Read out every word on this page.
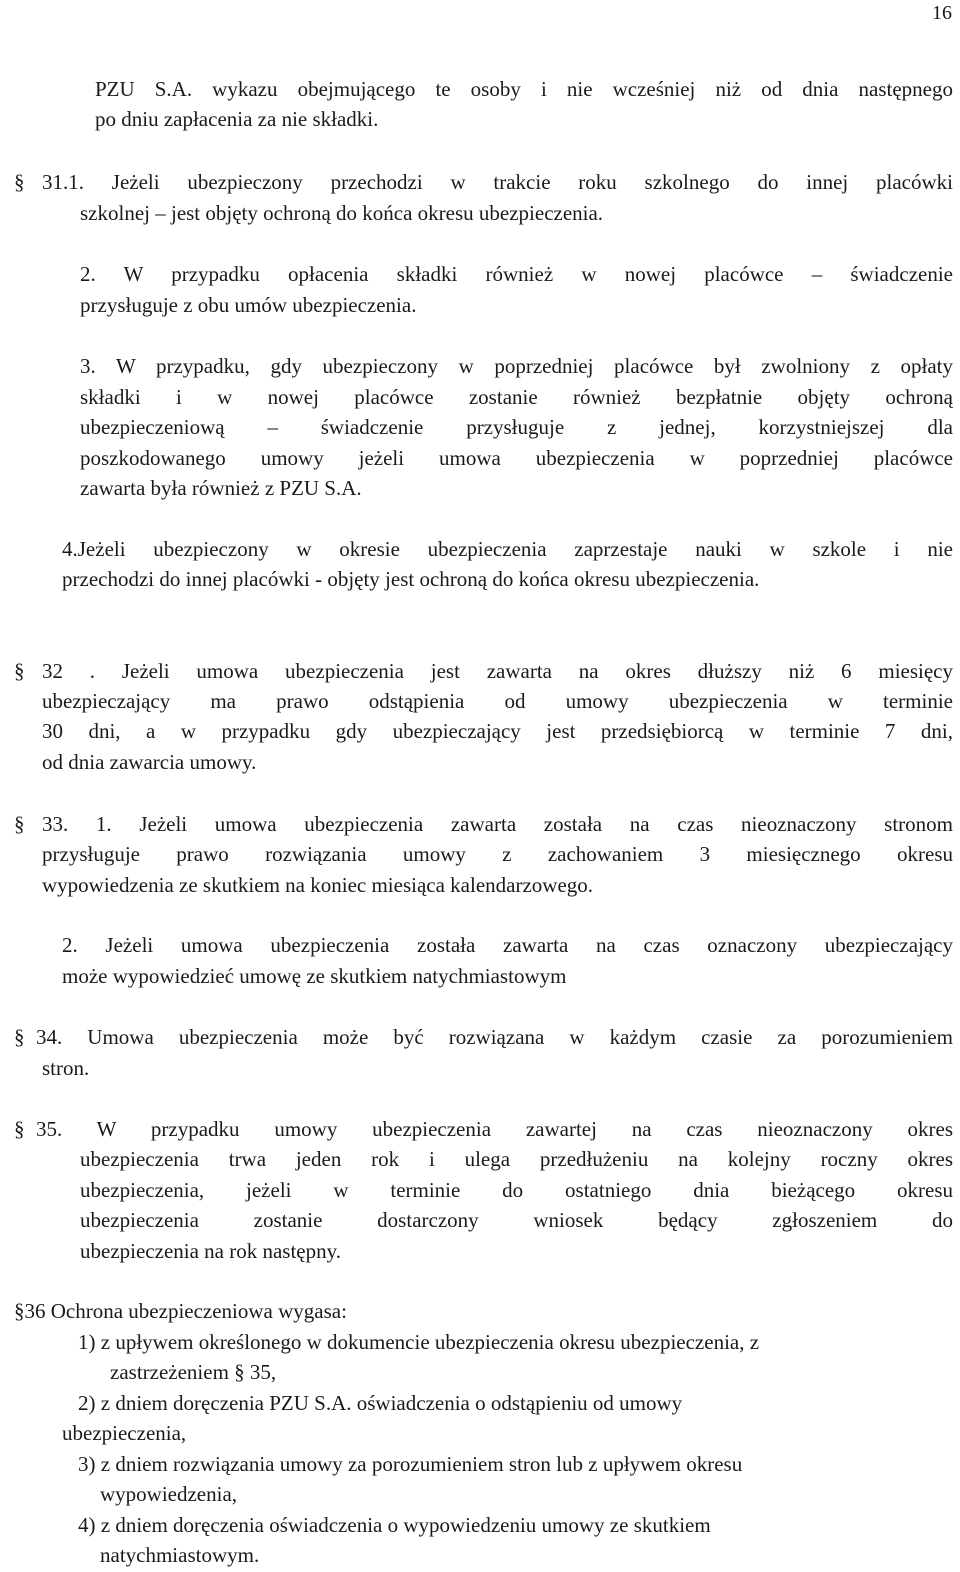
16
PZU S.A. wykazu obejmującego te osoby i nie wcześniej niż od dnia następnego
po dniu zapłacenia za nie składki.
§ 31.1. Jeżeli ubezpieczony przechodzi w trakcie roku szkolnego do innej placówki
szkolnej – jest objęty ochroną do końca okresu ubezpieczenia.
2. W przypadku opłacenia składki również w nowej placówce – świadczenie
przysługuje z obu umów ubezpieczenia.
3. W przypadku, gdy ubezpieczony w poprzedniej placówce był zwolniony z opłaty
składki i w nowej placówce zostanie również bezpłatnie objęty ochroną
ubezpieczeniową – świadczenie przysługuje z jednej, korzystniejszej dla
poszkodowanego umowy jeżeli umowa ubezpieczenia w poprzedniej placówce
zawarta była również z PZU S.A.
4.Jeżeli ubezpieczony w okresie ubezpieczenia zaprzestaje nauki w szkole i nie
przechodzi do innej placówki - objęty jest ochroną do końca okresu ubezpieczenia.
§ 32 . Jeżeli umowa ubezpieczenia jest zawarta na okres dłuższy niż 6 miesięcy
ubezpieczający ma prawo odstąpienia od umowy ubezpieczenia w terminie
30 dni, a w przypadku gdy ubezpieczający jest przedsiębiorcą w terminie 7 dni,
od dnia zawarcia umowy.
§ 33. 1. Jeżeli umowa ubezpieczenia zawarta została na czas nieoznaczony stronom
przysługuje prawo rozwiązania umowy z zachowaniem 3 miesięcznego okresu
wypowiedzenia ze skutkiem na koniec miesiąca kalendarzowego.
2. Jeżeli umowa ubezpieczenia została zawarta na czas oznaczony ubezpieczający
może wypowiedzieć umowę ze skutkiem natychmiastowym
§ 34. Umowa ubezpieczenia może być rozwiązana w każdym czasie za porozumieniem
stron.
§ 35. W przypadku umowy ubezpieczenia zawartej na czas nieoznaczony okres
ubezpieczenia trwa jeden rok i ulega przedłużeniu na kolejny roczny okres
ubezpieczenia, jeżeli w terminie do ostatniego dnia bieżącego okresu
ubezpieczenia zostanie dostarczony wniosek będący zgłoszeniem do
ubezpieczenia na rok następny.
§36 Ochrona ubezpieczeniowa wygasa:
1) z upływem określonego w dokumencie ubezpieczenia okresu ubezpieczenia, z
zastrzeżeniem § 35,
2) z dniem doręczenia PZU S.A. oświadczenia o odstąpieniu od umowy
ubezpieczenia,
3) z dniem rozwiązania umowy za porozumieniem stron lub z upływem okresu
wypowiedzenia,
4) z dniem doręczenia oświadczenia o wypowiedzeniu umowy ze skutkiem
natychmiastowym.
